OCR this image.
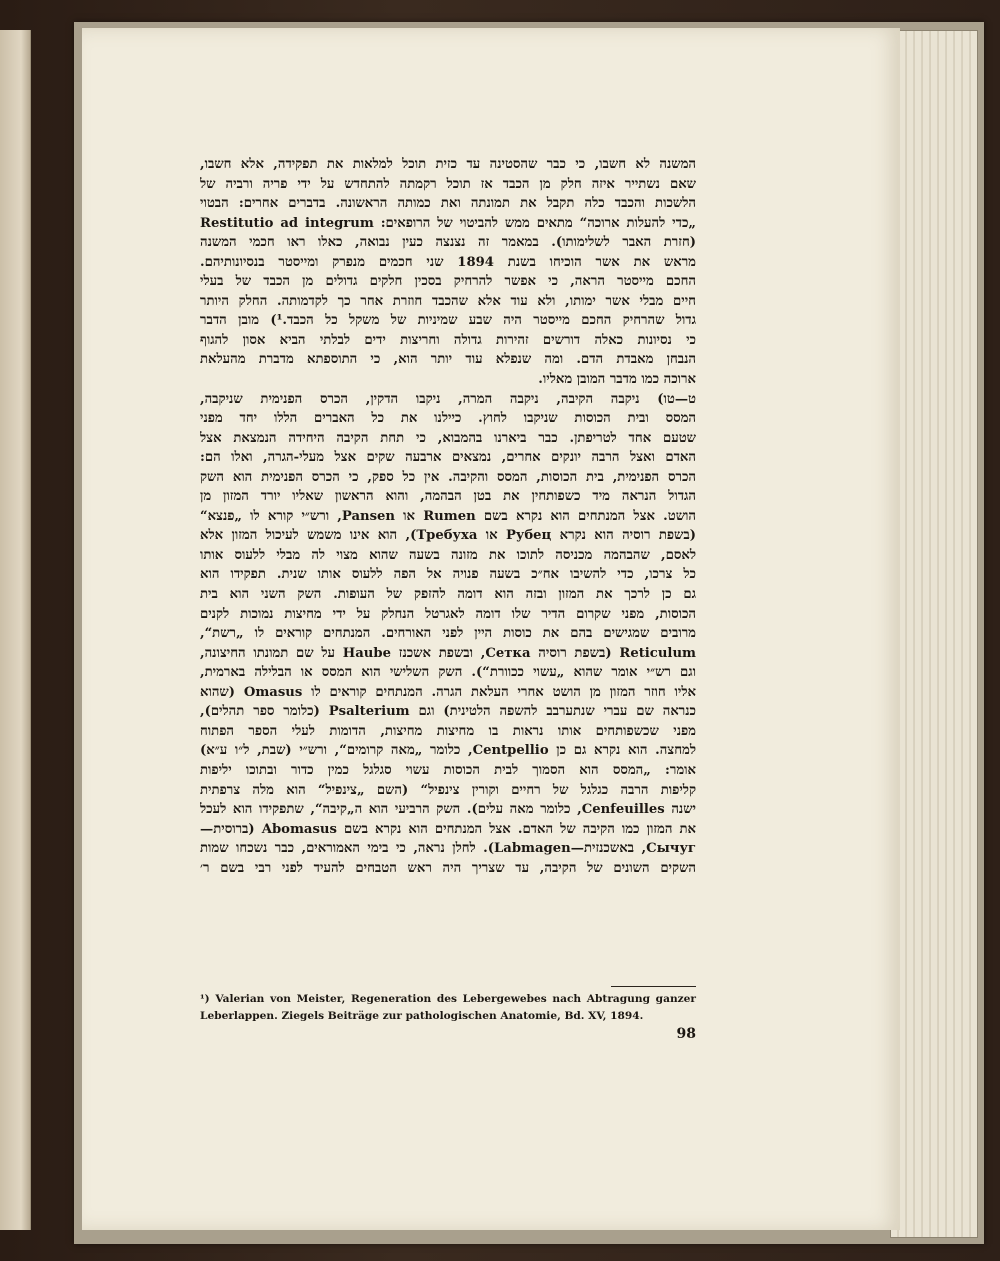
המשנה לא חשבו, כי כבר שהסטינה עד כזית תוכל למלאות את תפקידה, אלא חשבו,
שאם נשתייר איזה חלק מן הכבד אז תוכל רקמתה להתחדש על ידי פריה ורביה של
הלשכות והכבד כלה תקבל את תמונתה ואת כמותה הראשונה. בדברים אחרים: הבטוי
„כדי להעלות ארוכה“ מתאים ממש להביטוי של הרופאים: Restitutio ad integrum
(חזרת האבר לשלימותו). במאמר זה נצנצה כעין נבואה, כאלו ראו חכמי המשנה
מראש את אשר הוכיחו בשנת 1894 שני חכמים מנפרק ומייסטר בנסיונותיהם.
החכם מייסטר הראה, כי אפשר להרחיק בסכין חלקים גדולים מן הכבד של בעלי
חיים מבלי אשר ימותו, ולא עוד אלא שהכבד חוזרת אחר כך לקדמותה. החלק היותר
גדול שהרחיק החכם מייסטר היה שבע שמיניות של משקל כל הכבד.¹) מובן הדבר
כי נסיונות כאלה דורשים זהירות גדולה וחריצות ידים לבלתי הביא אסון להגוף
הנבחן מאבדת הדם. ומה שנפלא עוד יותר הוא, כי התוספתא מדברת מהעלאת
ארוכה כמו מדבר המובן מאליו.
ט—טו) ניקבה הקיבה, ניקבה המרה, ניקבו הדקין, הכרס הפנימית שניקבה,
המסס ובית הכוסות שניקבו לחוץ. כיילנו את כל האברים הללו יחד מפני
שטעם אחד לטריפתן. כבר ביארנו בהמבוא, כי תחת הקיבה היחידה הנמצאת אצל
האדם ואצל הרבה יונקים אחרים, נמצאים ארבעה שקים אצל מעלי-הגרה, ואלו הם:
הכרס הפנימית, בית הכוסות, המסס והקיבה. אין כל ספק, כי הכרס הפנימית הוא השק
הגדול הנראה מיד כשפותחין את בטן הבהמה, והוא הראשון שאליו יורד המזון מן
הושט. אצל המנתחים הוא נקרא בשם Rumen או Pansen, ורש״י קורא לו „פנצא“
(בשפת רוסיה הוא נקרא Рубец או Требуха), הוא אינו משמש לעיכול המזון אלא
לאסם, שהבהמה מכניסה לתוכו את מזונה בשעה שהוא מצוי לה מבלי ללעוס אותו
כל צרכו, כדי להשיבו אח״כ בשעה פנויה אל הפה ללעוס אותו שנית. תפקידו הוא
גם כן לרכך את המזון ובזה הוא דומה להזפק של העופות. השק השני הוא בית
הכוסות, מפני שקרום הדיר שלו דומה לאגרטל הנחלק על ידי מחיצות נמוכות לקנים
מרובים שמגישים בהם את כוסות היין לפני האורחים. המנתחים קוראים לו „רשת“,
Reticulum (בשפת רוסיה Сетка, ובשפת אשכנז Haube על שם תמונתו החיצונה,
וגם רש״י אומר שהוא „עשוי ככוורת“). השק השלישי הוא המסס או הבלילה בארמית,
אליו חוזר המזון מן הושט אחרי העלאת הגרה. המנתחים קוראים לו Omasus (שהוא
כנראה שם עברי שנתערבב להשפה הלטינית) וגם Psalterium (כלומר ספר תהלים),
מפני שכשפותחים אותו נראות בו מחיצות מחיצות, הדומות לעלי הספר הפתוח
למחצה. הוא נקרא גם כן Centpellio, כלומר „מאה קרומים“, ורש״י (שבת, ל״ו ע״א)
אומר: „המסס הוא הסמוך לבית הכוסות עשוי סגלגל כמין כדור ובתוכו יליפות
קליפות הרבה כגלגל של רחיים וקורין צינפיל“ (השם „צינפיל“ הוא מלה צרפתית
ישנה Cenfeuilles, כלומר מאה עלים). השק הרביעי הוא ה„קיבה“, שתפקידו הוא לעכל
את המזון כמו הקיבה של האדם. אצל המנתחים הוא נקרא בשם Abomasus (ברוסית—
Сычуг, באשכנזית—Labmagen). לחלן נראה, כי בימי האמוראים, כבר נשכחו שמות
השקים השונים של הקיבה, עד שצריך היה ראש הטבחים להעיד לפני רבי בשם ר׳
¹) Valerian von Meister, Regeneration des Lebergewebes nach Abtragung ganzer
Leberlappen. Ziegels Beiträge zur pathologischen Anatomie, Bd. XV, 1894.
98
